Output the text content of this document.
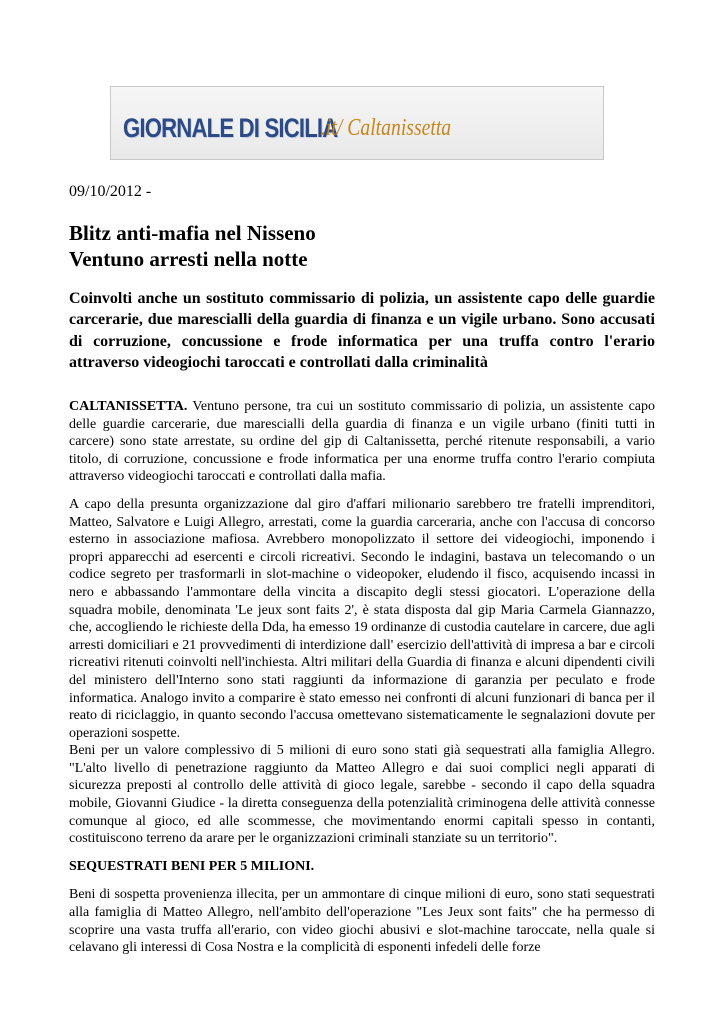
GIORNALE DI SICILIA
.it/ Caltanissetta
09/10/2012 -
Blitz anti-mafia nel Nisseno
Ventuno arresti nella notte
Coinvolti anche un sostituto commissario di polizia, un assistente capo delle guardie carcerarie, due marescialli della guardia di finanza e un vigile urbano. Sono accusati di corruzione, concussione e frode informatica per una truffa contro l'erario attraverso videogiochi taroccati e controllati dalla criminalità

CALTANISSETTA. Ventuno persone, tra cui un sostituto commissario di polizia, un assistente capo delle guardie carcerarie, due marescialli della guardia di finanza e un vigile urbano (finiti tutti in carcere) sono state arrestate, su ordine del gip di Caltanissetta, perché ritenute responsabili, a vario titolo, di corruzione, concussione e frode informatica per una enorme truffa contro l'erario compiuta attraverso videogiochi taroccati e controllati dalla mafia.

A capo della presunta organizzazione dal giro d'affari milionario sarebbero tre fratelli imprenditori, Matteo, Salvatore e Luigi Allegro, arrestati, come la guardia carceraria, anche con l'accusa di concorso esterno in associazione mafiosa. Avrebbero monopolizzato il settore dei videogiochi, imponendo i propri apparecchi ad esercenti e circoli ricreativi. Secondo le indagini, bastava un telecomando o un codice segreto per trasformarli in slot-machine o videopoker, eludendo il fisco, acquisendo incassi in nero e abbassando l'ammontare della vincita a discapito degli stessi giocatori. L'operazione della squadra mobile, denominata 'Le jeux sont faits 2', è stata disposta dal gip Maria Carmela Giannazzo, che, accogliendo le richieste della Dda, ha emesso 19 ordinanze di custodia cautelare in carcere, due agli arresti domiciliari e 21 provvedimenti di interdizione dall' esercizio dell'attività di impresa a bar e circoli ricreativi ritenuti coinvolti nell'inchiesta. Altri militari della Guardia di finanza e alcuni dipendenti civili del ministero dell'Interno sono stati raggiunti da informazione di garanzia per peculato e frode informatica. Analogo invito a comparire è stato emesso nei confronti di alcuni funzionari di banca per il reato di riciclaggio, in quanto secondo l'accusa omettevano sistematicamente le segnalazioni dovute per operazioni sospette.

Beni per un valore complessivo di 5 milioni di euro sono stati già sequestrati alla famiglia Allegro. "L'alto livello di penetrazione raggiunto da Matteo Allegro e dai suoi complici negli apparati di sicurezza preposti al controllo delle attività di gioco legale, sarebbe - secondo il capo della squadra mobile, Giovanni Giudice - la diretta conseguenza della potenzialità criminogena delle attività connesse comunque al gioco, ed alle scommesse, che movimentando enormi capitali spesso in contanti, costituiscono terreno da arare per le organizzazioni criminali stanziate su un territorio".

SEQUESTRATI BENI PER 5 MILIONI.

Beni di sospetta provenienza illecita, per un ammontare di cinque milioni di euro, sono stati sequestrati alla famiglia di Matteo Allegro, nell'ambito dell'operazione "Les Jeux sont faits" che ha permesso di scoprire una vasta truffa all'erario, con video giochi abusivi e slot-machine taroccate, nella quale si celavano gli interessi di Cosa Nostra e la complicità di esponenti infedeli delle forze
